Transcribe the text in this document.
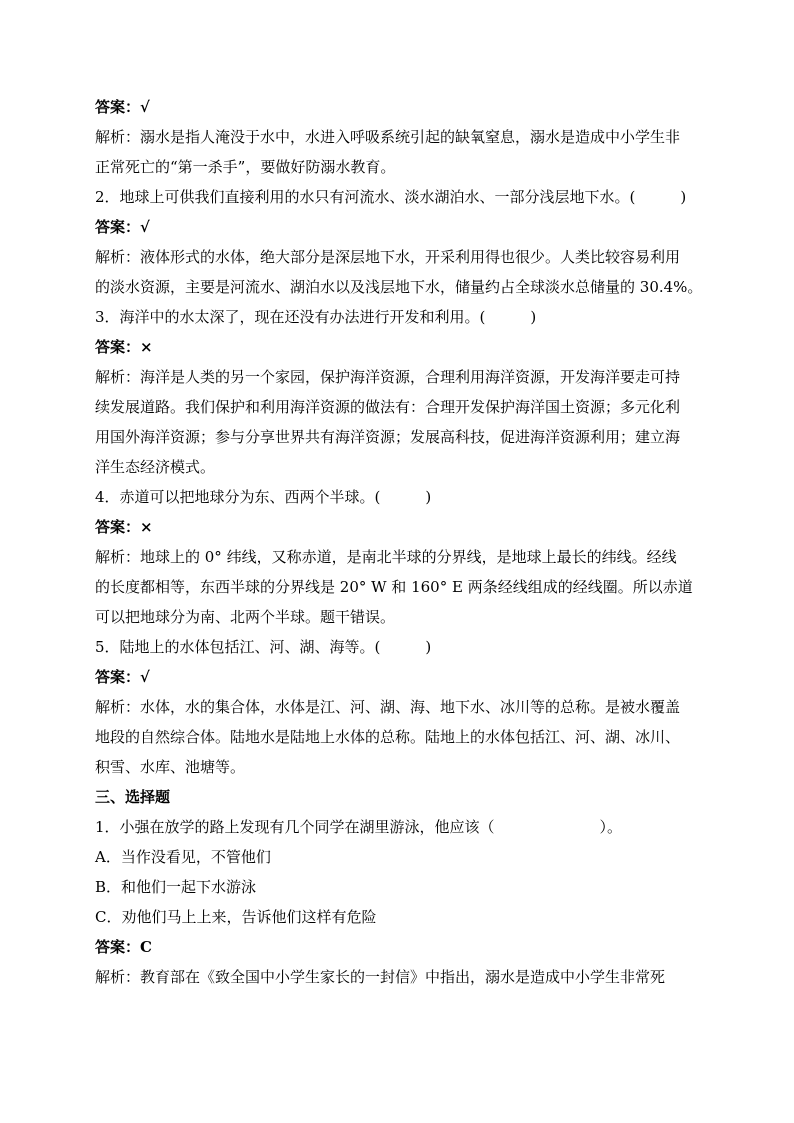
答案：√
解析：溺水是指人淹没于水中，水进入呼吸系统引起的缺氧窒息，溺水是造成中小学生非
正常死亡的“第一杀手”，要做好防溺水教育。
2．地球上可供我们直接利用的水只有河流水、淡水湖泊水、一部分浅层地下水。(　　　)
答案：√
解析：液体形式的水体，绝大部分是深层地下水，开采利用得也很少。人类比较容易利用
的淡水资源，主要是河流水、湖泊水以及浅层地下水，储量约占全球淡水总储量的 30.4%。
3．海洋中的水太深了，现在还没有办法进行开发和利用。(　　　)
答案：×
解析：海洋是人类的另一个家园，保护海洋资源，合理利用海洋资源，开发海洋要走可持
续发展道路。我们保护和利用海洋资源的做法有：合理开发保护海洋国土资源；多元化利
用国外海洋资源；参与分享世界共有海洋资源；发展高科技，促进海洋资源利用；建立海
洋生态经济模式。
4．赤道可以把地球分为东、西两个半球。(　　　)
答案：×
解析：地球上的 0° 纬线，又称赤道，是南北半球的分界线，是地球上最长的纬线。经线
的长度都相等，东西半球的分界线是 20° W 和 160° E 两条经线组成的经线圈。所以赤道
可以把地球分为南、北两个半球。题干错误。
5．陆地上的水体包括江、河、湖、海等。(　　　)
答案：√
解析：水体，水的集合体，水体是江、河、湖、海、地下水、冰川等的总称。是被水覆盖
地段的自然综合体。陆地水是陆地上水体的总称。陆地上的水体包括江、河、湖、冰川、
积雪、水库、池塘等。
三、选择题
1．小强在放学的路上发现有几个同学在湖里游泳，他应该（　　　　　　　）。
A．当作没看见，不管他们
B．和他们一起下水游泳
C．劝他们马上上来，告诉他们这样有危险
答案：C
解析：教育部在《致全国中小学生家长的一封信》中指出，溺水是造成中小学生非常死
